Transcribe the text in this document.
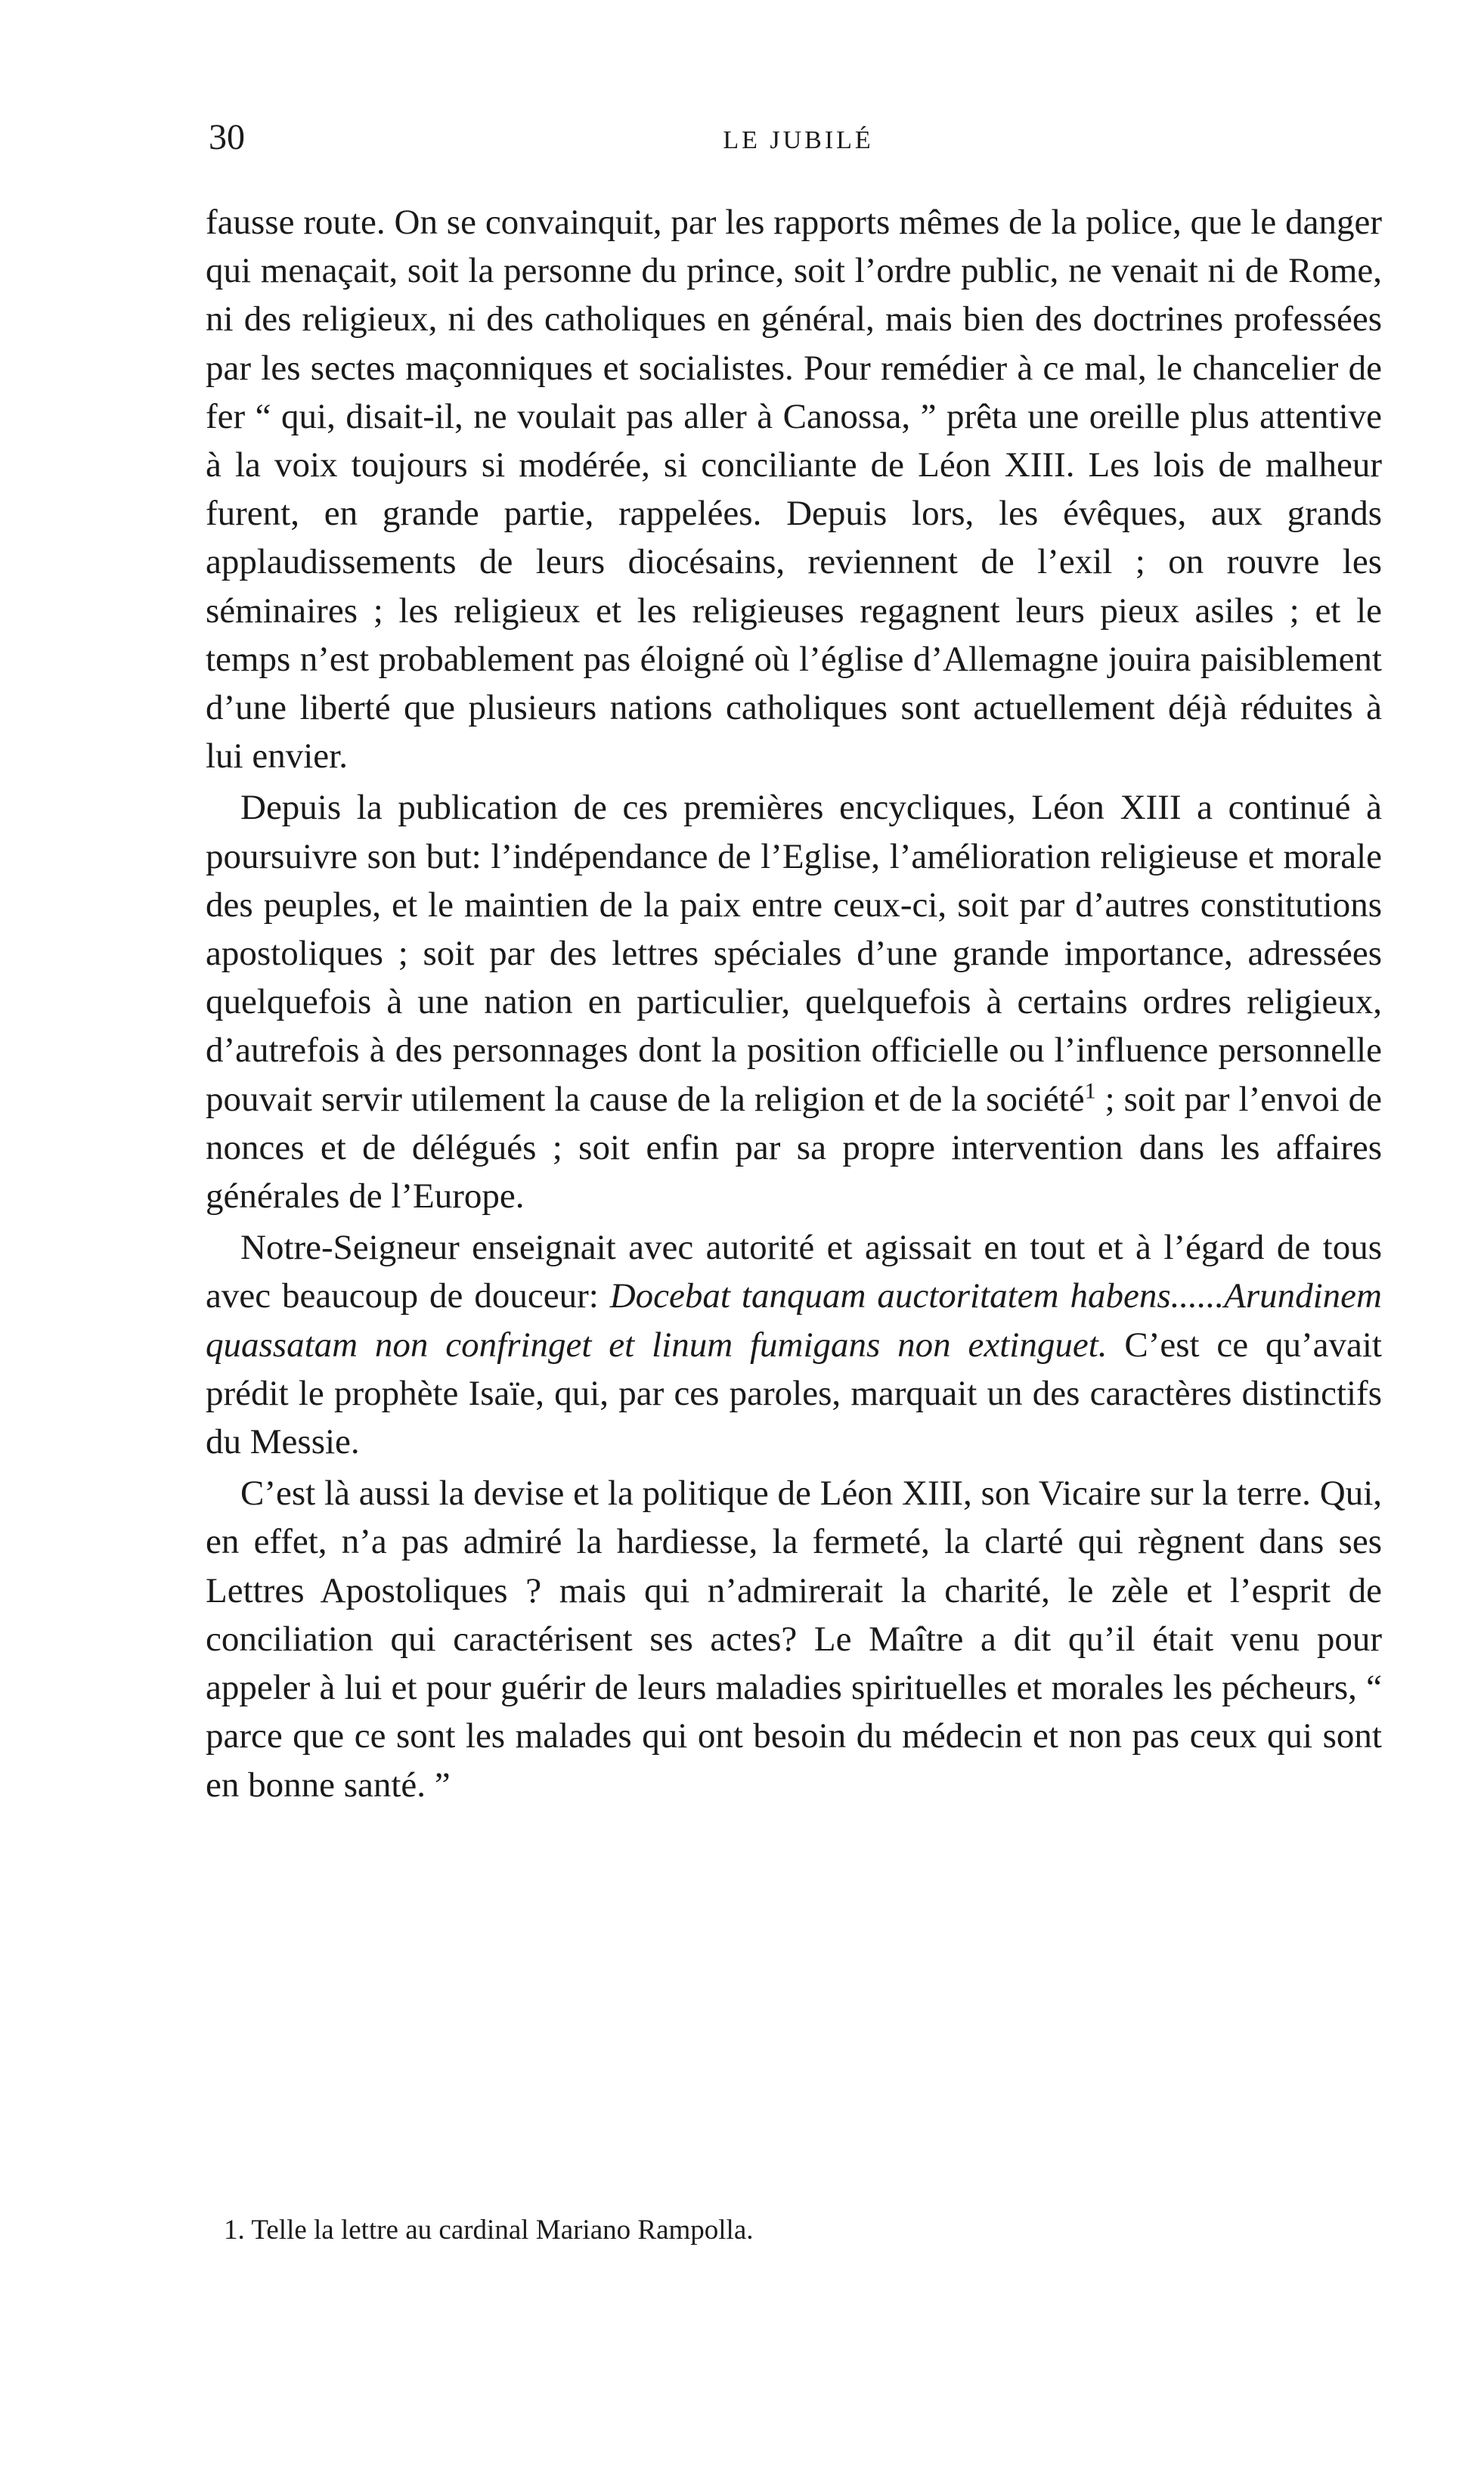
30	LE JUBILÉ

fausse route. On se convainquit, par les rapports mêmes de la police, que le danger qui menaçait, soit la personne du prince, soit l’ordre public, ne venait ni de Rome, ni des religieux, ni des catholiques en général, mais bien des doctrines professées par les sectes maçonniques et socialistes. Pour remédier à ce mal, le chancelier de fer “ qui, disait-il, ne voulait pas aller à Canossa, ” prêta une oreille plus attentive à la voix toujours si modérée, si conciliante de Léon XIII. Les lois de malheur furent, en grande partie, rappelées. Depuis lors, les évêques, aux grands applaudissements de leurs diocésains, reviennent de l’exil ; on rouvre les séminaires ; les religieux et les religieuses regagnent leurs pieux asiles ; et le temps n’est probablement pas éloigné où l’église d’Allemagne jouira paisiblement d’une liberté que plusieurs nations catholiques sont actuellement déjà réduites à lui envier.

Depuis la publication de ces premières encycliques, Léon XIII a continué à poursuivre son but: l’indépendance de l’Eglise, l’amélioration religieuse et morale des peuples, et le maintien de la paix entre ceux-ci, soit par d’autres constitutions apostoliques ; soit par des lettres spéciales d’une grande importance, adressées quelquefois à une nation en particulier, quelquefois à certains ordres religieux, d’autrefois à des personnages dont la position officielle ou l’influence personnelle pouvait servir utilement la cause de la religion et de la société$^1$ ; soit par l’envoi de nonces et de délégués ; soit enfin par sa propre intervention dans les affaires générales de l’Europe.

Notre-Seigneur enseignait avec autorité et agissait en tout et à l’égard de tous avec beaucoup de douceur: Docebat tanquam auctoritatem habens......Arundinem quassatam non confringet et linum fumigans non extinguet. C’est ce qu’avait prédit le prophète Isaïe, qui, par ces paroles, marquait un des caractères distinctifs du Messie.

C’est là aussi la devise et la politique de Léon XIII, son Vicaire sur la terre. Qui, en effet, n’a pas admiré la hardiesse, la fermeté, la clarté qui règnent dans ses Lettres Apostoliques ? mais qui n’admirerait la charité, le zèle et l’esprit de conciliation qui caractérisent ses actes? Le Maître a dit qu’il était venu pour appeler à lui et pour guérir de leurs maladies spirituelles et morales les pécheurs, “ parce que ce sont les malades qui ont besoin du médecin et non pas ceux qui sont en bonne santé. ”

1. Telle la lettre au cardinal Mariano Rampolla.
